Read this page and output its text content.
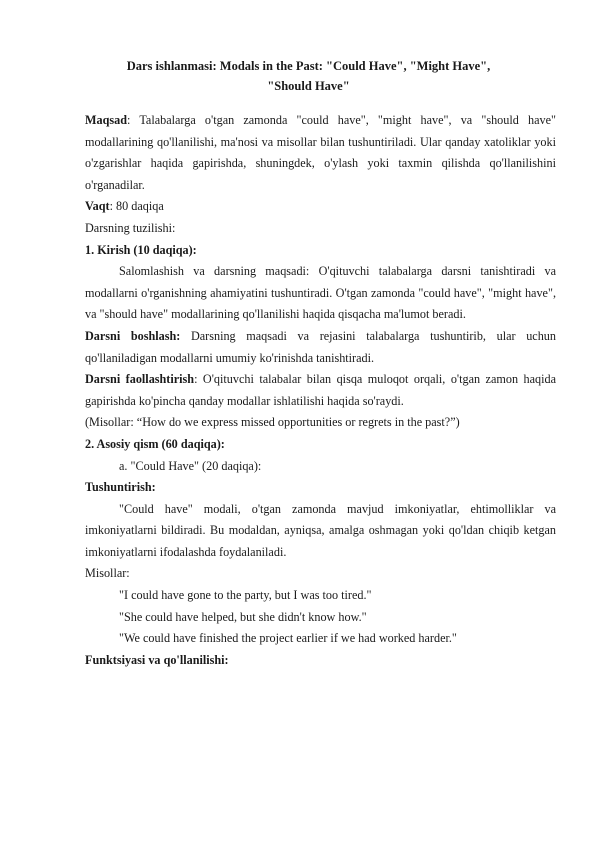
Dars ishlanmasi: Modals in the Past: "Could Have", "Might Have",
"Should Have"

Maqsad: Talabalarga o'tgan zamonda "could have", "might have", va "should have" modallarining qo'llanilishi, ma'nosi va misollar bilan tushuntiriladi. Ular qanday xatoliklar yoki o'zgarishlar haqida gapirishda, shuningdek, o'ylash yoki taxmin qilishda qo'llanilishini o'rganadilar.

Vaqt: 80 daqiqa

Darsning tuzilishi:

1. Kirish (10 daqiqa):

Salomlashish va darsning maqsadi: O'qituvchi talabalarga darsni tanishtiradi va modallarni o'rganishning ahamiyatini tushuntiradi. O'tgan zamonda "could have", "might have", va "should have" modallarining qo'llanilishi haqida qisqacha ma'lumot beradi.

Darsni boshlash: Darsning maqsadi va rejasini talabalarga tushuntirib, ular uchun qo'llaniladigan modallarni umumiy ko'rinishda tanishtiradi.

Darsni faollashtirish: O'qituvchi talabalar bilan qisqa muloqot orqali, o'tgan zamon haqida gapirishda ko'pincha qanday modallar ishlatilishi haqida so'raydi.

(Misollar: “How do we express missed opportunities or regrets in the past?”)

2. Asosiy qism (60 daqiqa):

a. "Could Have" (20 daqiqa):

Tushuntirish:

"Could have" modali, o'tgan zamonda mavjud imkoniyatlar, ehtimolliklar va imkoniyatlarni bildiradi. Bu modaldan, ayniqsa, amalga oshmagan yoki qo'ldan chiqib ketgan imkoniyatlarni ifodalashda foydalaniladi.

Misollar:

"I could have gone to the party, but I was too tired."

"She could have helped, but she didn't know how."

"We could have finished the project earlier if we had worked harder."

Funktsiyasi va qo'llanilishi:
